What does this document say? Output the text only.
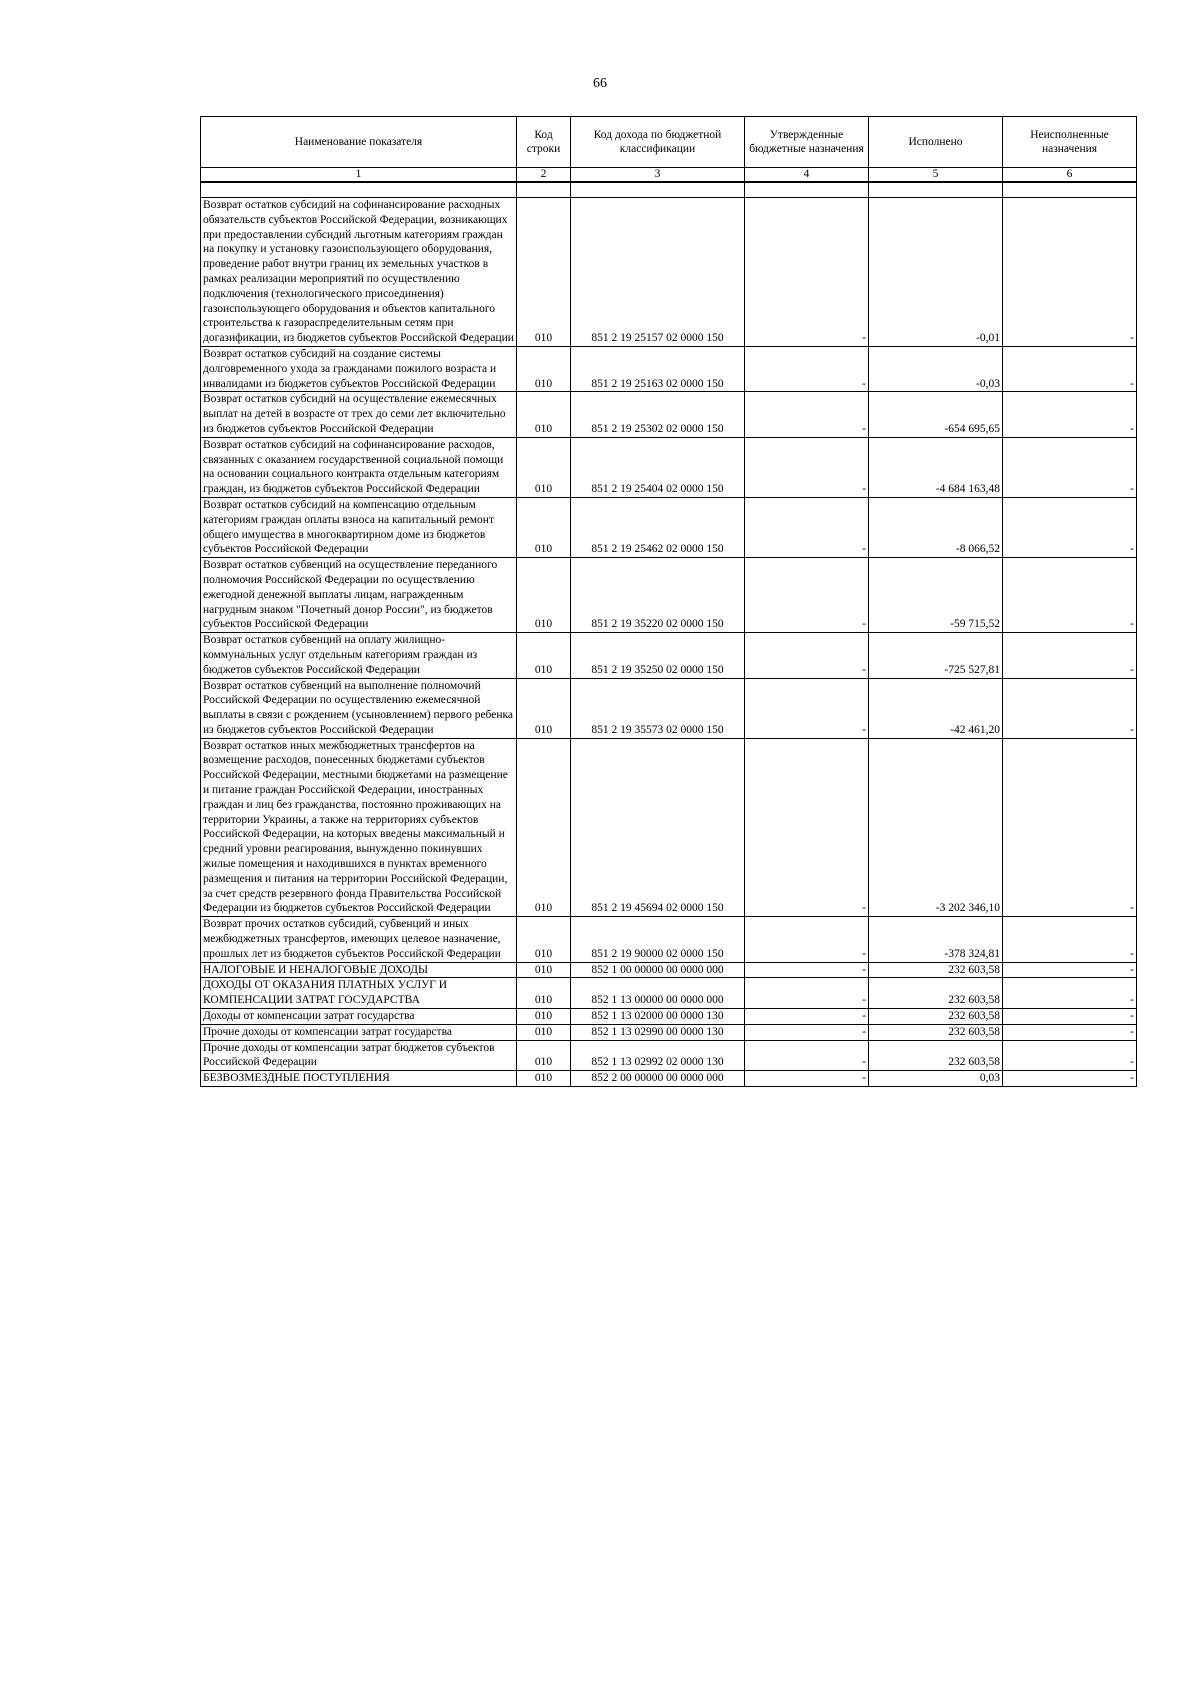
66
Наименование показателя	Код строки	Код дохода по бюджетной классификации	Утвержденные бюджетные назначения	Исполнено	Неисполненные назначения
1	2	3	4	5	6

Возврат остатков субсидий на софинансирование расходных обязательств субъектов Российской Федерации, возникающих при предоставлении субсидий льготным категориям граждан на покупку и установку газоиспользующего оборудования, проведение работ внутри границ их земельных участков в рамках реализации мероприятий по осуществлению подключения (технологического присоединения) газоиспользующего оборудования и объектов капитального строительства к газораспределительным сетям при догазификации, из бюджетов субъектов Российской Федерации	010	851 2 19 25157 02 0000 150	-	-0,01	-
Возврат остатков субсидий на создание системы долговременного ухода за гражданами пожилого возраста и инвалидами из бюджетов субъектов Российской Федерации	010	851 2 19 25163 02 0000 150	-	-0,03	-
Возврат остатков субсидий на осуществление ежемесячных выплат на детей в возрасте от трех до семи лет включительно из бюджетов субъектов Российской Федерации	010	851 2 19 25302 02 0000 150	-	-654 695,65	-
Возврат остатков субсидий на софинансирование расходов, связанных с оказанием государственной социальной помощи на основании социального контракта отдельным категориям граждан, из бюджетов субъектов Российской Федерации	010	851 2 19 25404 02 0000 150	-	-4 684 163,48	-
Возврат остатков субсидий на компенсацию отдельным категориям граждан оплаты взноса на капитальный ремонт общего имущества в многоквартирном доме из бюджетов субъектов Российской Федерации	010	851 2 19 25462 02 0000 150	-	-8 066,52	-
Возврат остатков субвенций на осуществление переданного полномочия Российской Федерации по осуществлению ежегодной денежной выплаты лицам, награжденным нагрудным знаком "Почетный донор России", из бюджетов субъектов Российской Федерации	010	851 2 19 35220 02 0000 150	-	-59 715,52	-
Возврат остатков субвенций на оплату жилищно-коммунальных услуг отдельным категориям граждан из бюджетов субъектов Российской Федерации	010	851 2 19 35250 02 0000 150	-	-725 527,81	-
Возврат остатков субвенций на выполнение полномочий Российской Федерации по осуществлению ежемесячной выплаты в связи с рождением (усыновлением) первого ребенка из бюджетов субъектов Российской Федерации	010	851 2 19 35573 02 0000 150	-	-42 461,20	-
Возврат остатков иных межбюджетных трансфертов на возмещение расходов, понесенных бюджетами субъектов Российской Федерации, местными бюджетами на размещение и питание граждан Российской Федерации, иностранных граждан и лиц без гражданства, постоянно проживающих на территории Украины, а также на территориях субъектов Российской Федерации, на которых введены максимальный и средний уровни реагирования, вынужденно покинувших жилые помещения и находившихся в пунктах временного размещения и питания на территории Российской Федерации, за счет средств резервного фонда Правительства Российской Федерации из бюджетов субъектов Российской Федерации	010	851 2 19 45694 02 0000 150	-	-3 202 346,10	-
Возврат прочих остатков субсидий, субвенций и иных межбюджетных трансфертов, имеющих целевое назначение, прошлых лет из бюджетов субъектов Российской Федерации	010	851 2 19 90000 02 0000 150	-	-378 324,81	-
НАЛОГОВЫЕ И НЕНАЛОГОВЫЕ ДОХОДЫ	010	852 1 00 00000 00 0000 000	-	232 603,58	-
ДОХОДЫ ОТ ОКАЗАНИЯ ПЛАТНЫХ УСЛУГ И КОМПЕНСАЦИИ ЗАТРАТ ГОСУДАРСТВА	010	852 1 13 00000 00 0000 000	-	232 603,58	-
Доходы от компенсации затрат государства	010	852 1 13 02000 00 0000 130	-	232 603,58	-
Прочие доходы от компенсации затрат государства	010	852 1 13 02990 00 0000 130	-	232 603,58	-
Прочие доходы от компенсации затрат бюджетов субъектов Российской Федерации	010	852 1 13 02992 02 0000 130	-	232 603,58	-
БЕЗВОЗМЕЗДНЫЕ ПОСТУПЛЕНИЯ	010	852 2 00 00000 00 0000 000	-	0,03	-
